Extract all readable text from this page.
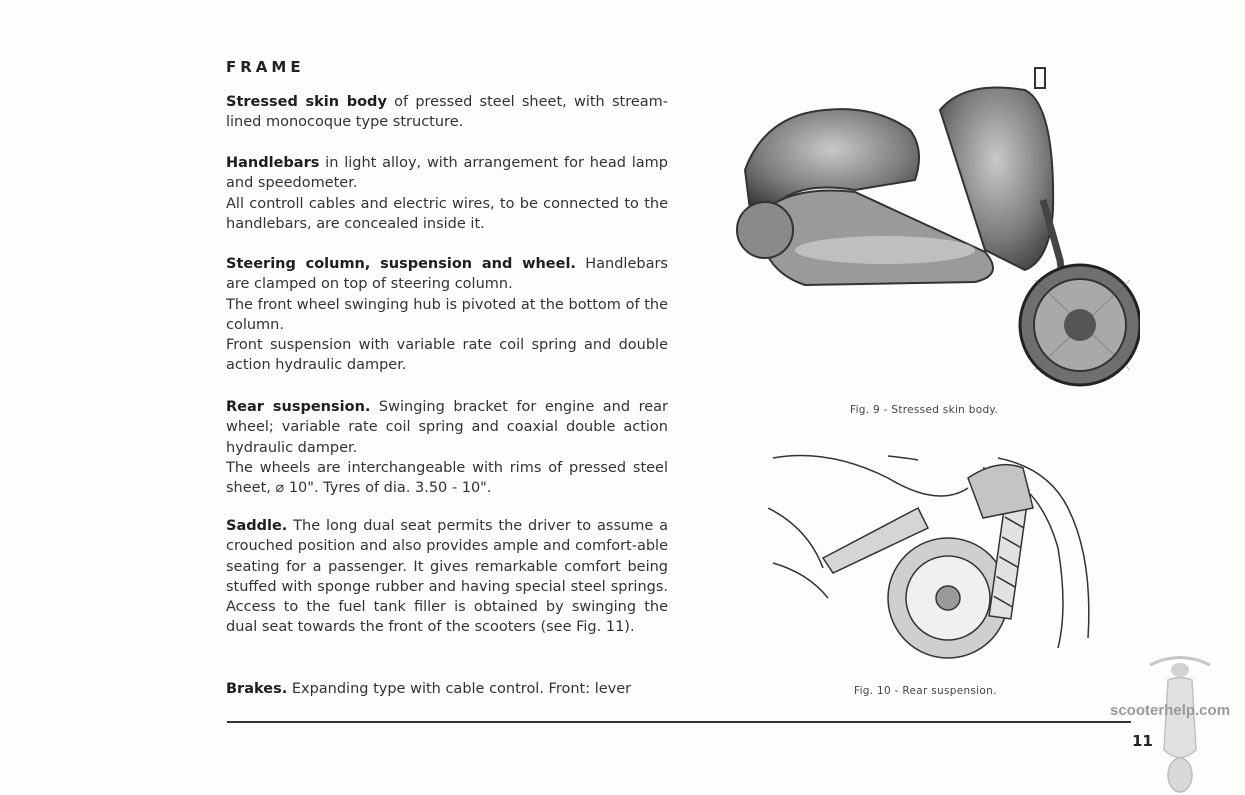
FRAME

Stressed skin body of pressed steel sheet, with stream-lined monocoque type structure.

Handlebars in light alloy, with arrangement for head lamp and speedometer.

All controll cables and electric wires, to be connected to the handlebars, are concealed inside it.

Steering column, suspension and wheel. Handlebars are clamped on top of steering column.

The front wheel swinging hub is pivoted at the bottom of the column.

Front suspension with variable rate coil spring and double action hydraulic damper.

Rear suspension. Swinging bracket for engine and rear wheel; variable rate coil spring and coaxial double action hydraulic damper.

The wheels are interchangeable with rims of pressed steel sheet, ⌀ 10". Tyres of dia. 3.50 - 10".

Saddle. The long dual seat permits the driver to assume a crouched position and also provides ample and comfort-able seating for a passenger. It gives remarkable comfort being stuffed with sponge rubber and having special steel springs. Access to the fuel tank filler is obtained by swinging the dual seat towards the front of the scooters (see Fig. 11).

Brakes. Expanding type with cable control. Front: lever

Fig. 9 - Stressed skin body.
Fig. 10 - Rear suspension.
scooterhelp.com
11
